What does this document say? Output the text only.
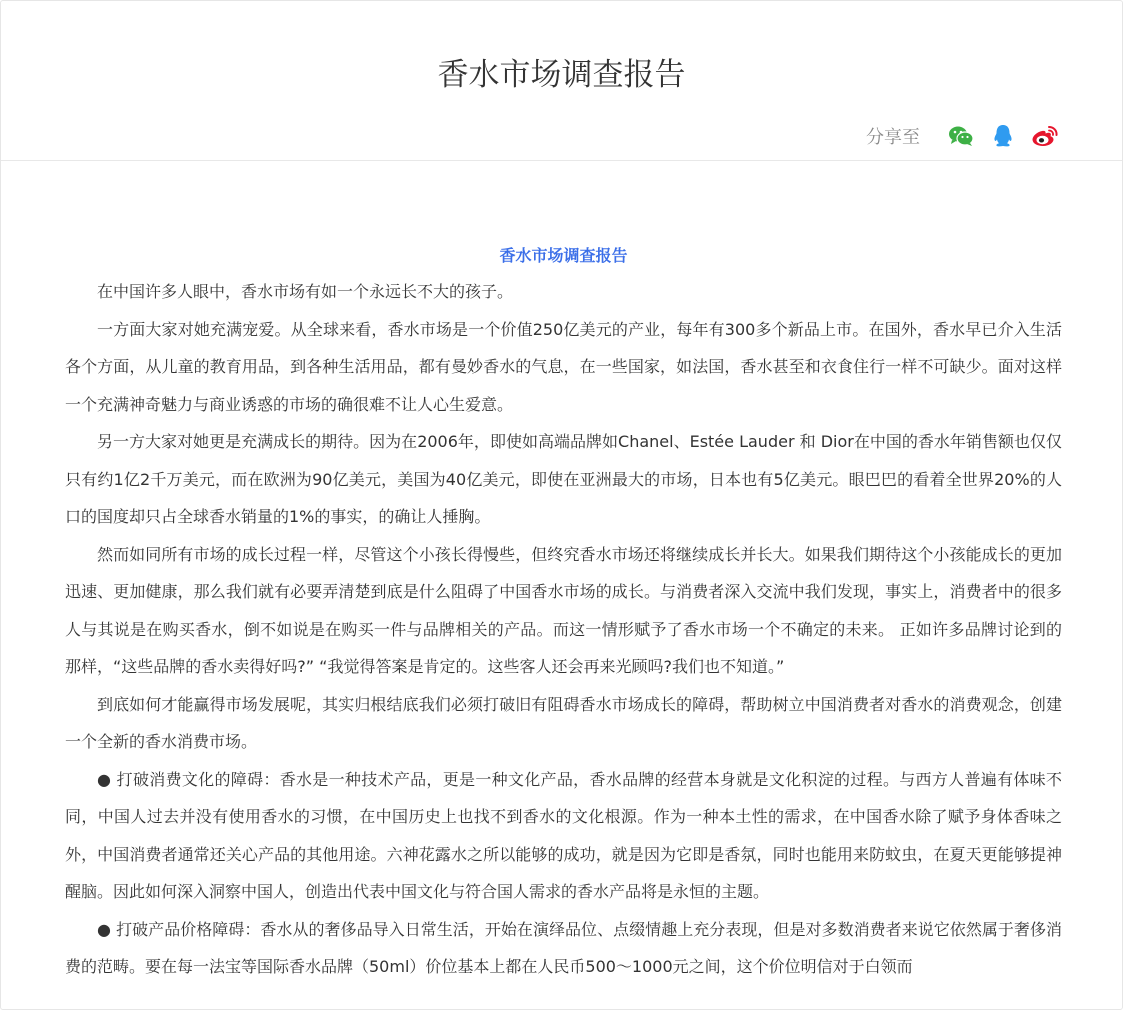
香水市场调查报告
分享至

香水市场调查报告

在中国许多人眼中，香水市场有如一个永远长不大的孩子。

一方面大家对她充满宠爱。从全球来看，香水市场是一个价值250亿美元的产业，每年有300多个新品上市。在国外，香水早已介入生活各个方面，从儿童的教育用品，到各种生活用品，都有曼妙香水的气息，在一些国家，如法国，香水甚至和衣食住行一样不可缺少。面对这样一个充满神奇魅力与商业诱惑的市场的确很难不让人心生爱意。

另一方大家对她更是充满成长的期待。因为在2006年，即使如高端品牌如Chanel、Estée Lauder 和 Dior在中国的香水年销售额也仅仅只有约1亿2千万美元，而在欧洲为90亿美元，美国为40亿美元，即使在亚洲最大的市场，日本也有5亿美元。眼巴巴的看着全世界20%的人口的国度却只占全球香水销量的1%的事实，的确让人捶胸。

然而如同所有市场的成长过程一样，尽管这个小孩长得慢些，但终究香水市场还将继续成长并长大。如果我们期待这个小孩能成长的更加迅速、更加健康，那么我们就有必要弄清楚到底是什么阻碍了中国香水市场的成长。与消费者深入交流中我们发现，事实上，消费者中的很多人与其说是在购买香水，倒不如说是在购买一件与品牌相关的产品。而这一情形赋予了香水市场一个不确定的未来。 正如许多品牌讨论到的那样，“这些品牌的香水卖得好吗?” “我觉得答案是肯定的。这些客人还会再来光顾吗?我们也不知道。”

到底如何才能赢得市场发展呢，其实归根结底我们必须打破旧有阻碍香水市场成长的障碍，帮助树立中国消费者对香水的消费观念，创建一个全新的香水消费市场。

● 打破消费文化的障碍：香水是一种技术产品，更是一种文化产品，香水品牌的经营本身就是文化积淀的过程。与西方人普遍有体味不同，中国人过去并没有使用香水的习惯，在中国历史上也找不到香水的文化根源。作为一种本土性的需求，在中国香水除了赋予身体香味之外，中国消费者通常还关心产品的其他用途。六神花露水之所以能够的成功，就是因为它即是香氛，同时也能用来防蚊虫，在夏天更能够提神醒脑。因此如何深入洞察中国人，创造出代表中国文化与符合国人需求的香水产品将是永恒的主题。

● 打破产品价格障碍：香水从的奢侈品导入日常生活，开始在演绎品位、点缀情趣上充分表现，但是对多数消费者来说它依然属于奢侈消费的范畴。要在每一法宝等国际香水品牌（50ml）价位基本上都在人民币500～1000元之间，这个价位明信对于白领而
